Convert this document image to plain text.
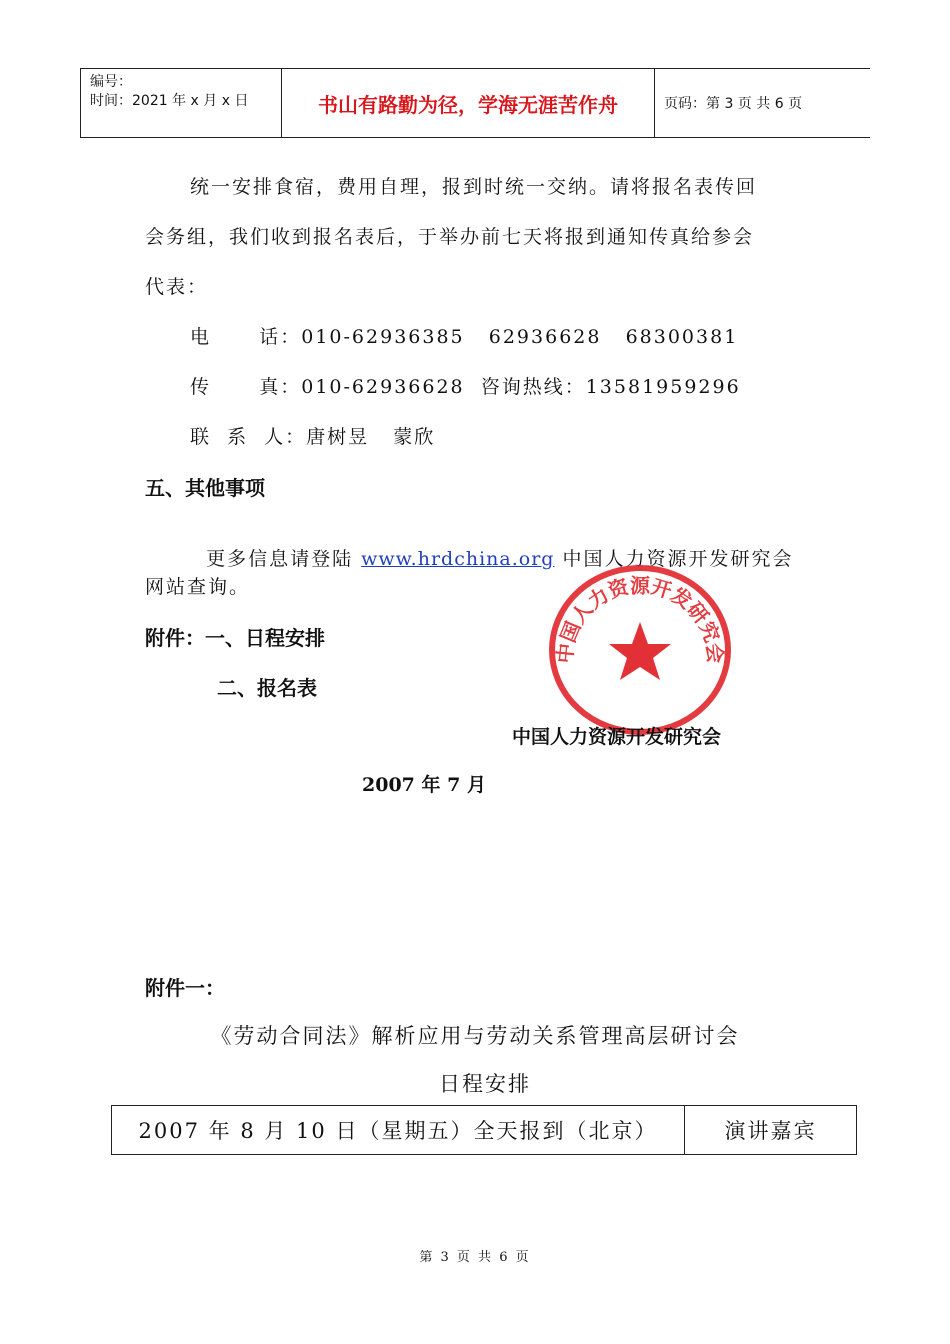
编号：
时间：2021 年 x 月 x 日	书山有路勤为径，学海无涯苦作舟	页码：第 3 页 共 6 页
统一安排食宿，费用自理，报到时统一交纳。请将报名表传回
会务组，我们收到报名表后，于举办前七天将报到通知传真给参会
代表：
电      话：010-62936385   62936628   68300381
传      真：010-62936628  咨询热线：13581959296
联  系  人：唐树昱   蒙欣
五、其他事项

更多信息请登陆 www.hrdchina.org 中国人力资源开发研究会

网站查询。
附件：一、日程安排
二、报名表
中国人力资源开发研究会
中国人力资源开发研究会
2007 年 7 月
附件一：
《劳动合同法》解析应用与劳动关系管理高层研讨会
日程安排
2007 年 8 月 10 日（星期五）全天报到（北京）	演讲嘉宾
第 3 页 共 6 页
